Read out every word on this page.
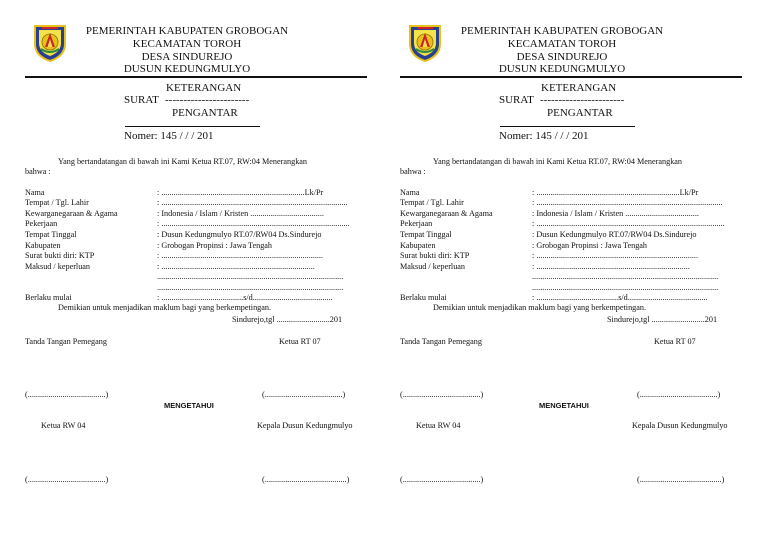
PEMERINTAH KABUPATEN GROBOGAN
KECAMATAN TOROH
DESA SINDUREJO
DUSUN KEDUNGMULYO
KETERANGAN
SURAT -----------------------
PENGANTAR
Nomer: 145 / / / 201
Yang bertandatangan di bawah ini Kami Ketua RT.07, RW:04 Menerangkan
bahwa :
Nama	: ......................................................................Lk/Pr
Tempat / Tgl. Lahir	: ...........................................................................................
Kewarganegaraan & Agama	: Indonesia / Islam / Kristen ....................................
Pekerjaan	: ............................................................................................
Tempat Tinggal	: Dusun Kedungmulyo RT.07/RW04 Ds.Sindurejo
Kabupaten	: Grobogan Propinsi : Jawa Tengah
Surat bukti diri: KTP	: ...............................................................................
Maksud / keperluan	: ...........................................................................
...........................................................................................
...........................................................................................
Berlaku mulai	: ........................................s/d.......................................
Demikian untuk menjadikan maklum bagi yang berkempetingan.
Sindurejo,tgl ..........................201
Tanda Tangan Pemegang	Ketua RT 07
(......................................)	(......................................)
MENGETAHUI
Ketua RW 04	Kepala Dusun Kedungmulyo
(......................................)	(........................................)
PEMERINTAH KABUPATEN GROBOGAN
KECAMATAN TOROH
DESA SINDUREJO
DUSUN KEDUNGMULYO
KETERANGAN
SURAT -----------------------
PENGANTAR
Nomer: 145 / / / 201
Yang bertandatangan di bawah ini Kami Ketua RT.07, RW:04 Menerangkan
bahwa :
Nama	: ......................................................................Lk/Pr
Tempat / Tgl. Lahir	: ...........................................................................................
Kewarganegaraan & Agama	: Indonesia / Islam / Kristen ....................................
Pekerjaan	: ............................................................................................
Tempat Tinggal	: Dusun Kedungmulyo RT.07/RW04 Ds.Sindurejo
Kabupaten	: Grobogan Propinsi : Jawa Tengah
Surat bukti diri: KTP	: ...............................................................................
Maksud / keperluan	: ...........................................................................
...........................................................................................
...........................................................................................
Berlaku mulai	: ........................................s/d.......................................
Demikian untuk menjadikan maklum bagi yang berkempetingan.
Sindurejo,tgl ..........................201
Tanda Tangan Pemegang	Ketua RT 07
(......................................)	(......................................)
MENGETAHUI
Ketua RW 04	Kepala Dusun Kedungmulyo
(......................................)	(........................................)
